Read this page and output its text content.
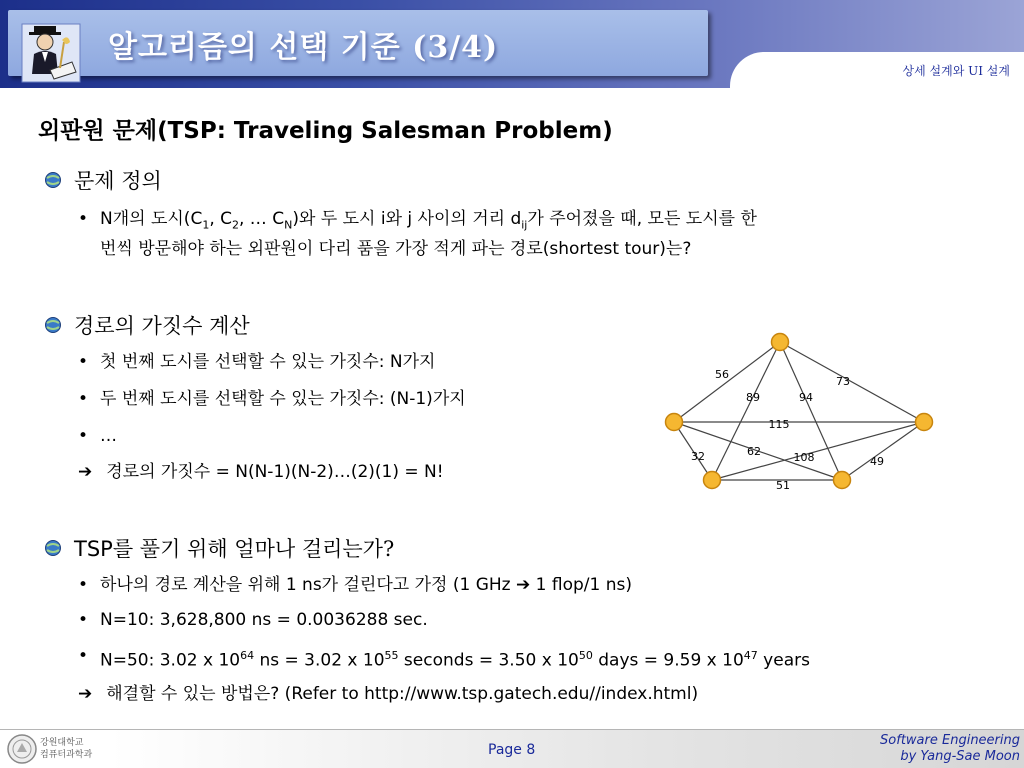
알고리즘의 선택 기준 (3/4)
상세 설계와 UI 설계
외판원 문제(TSP: Traveling Salesman Problem)
문제 정의
• N개의 도시($C_1$, $C_2$, … $C_N$)와 두 도시 i와 j 사이의 거리 $d_{ij}$가 주어졌을 때, 모든 도시를 한
번씩 방문해야 하는 외판원이 다리 품을 가장 적게 파는 경로(shortest tour)는?
경로의 가짓수 계산
• 첫 번째 도시를 선택할 수 있는 가짓수: N가지
• 두 번째 도시를 선택할 수 있는 가짓수: (N-1)가지
• …
➔ 경로의 가짓수 = N(N-1)(N-2)…(2)(1) = N!
56
73
89	94
115
32	62	108	49
51
TSP를 풀기 위해 얼마나 걸리는가?
• 하나의 경로 계산을 위해 1 ns가 걸린다고 가정 (1 GHz ➔ 1 flop/1 ns)
• N=10: 3,628,800 ns = 0.0036288 sec.
• N=50: 3.02 x $10^{64}$ ns = 3.02 x $10^{55}$ seconds = 3.50 x $10^{50}$ days = 9.59 x $10^{47}$ years
➔ 해결할 수 있는 방법은? (Refer to http://www.tsp.gatech.edu//index.html)
강원대학교
컴퓨터과학과	Page 8
Software Engineering
by Yang-Sae Moon
